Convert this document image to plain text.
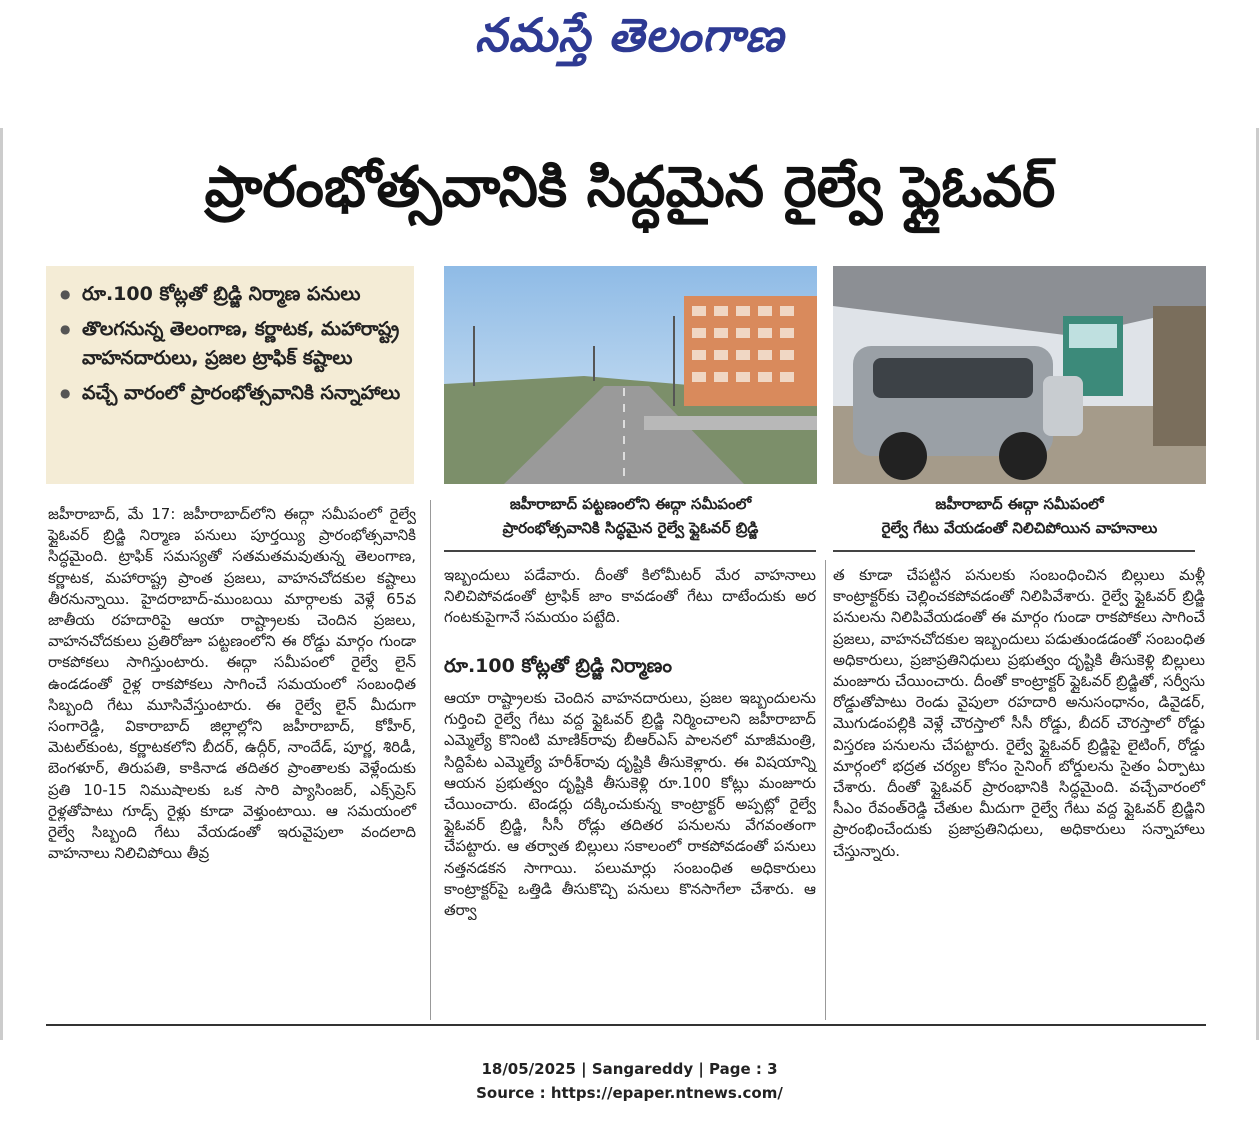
నమస్తే తెలంగాణ
ప్రారంభోత్సవానికి సిద్ధమైన రైల్వే ఫ్లైఓవర్
● రూ.100 కోట్లతో బ్రిడ్జి నిర్మాణ పనులు
● తొలగనున్న తెలంగాణ, కర్ణాటక, మహారాష్ట్ర వాహనదారులు, ప్రజల ట్రాఫిక్ కష్టాలు
● వచ్చే వారంలో ప్రారంభోత్సవానికి సన్నాహాలు
జహీరాబాద్ పట్టణంలోని ఈద్గా సమీపంలో
ప్రారంభోత్సవానికి సిద్ధమైన రైల్వే ఫ్లైఓవర్ బ్రిడ్జి
జహీరాబాద్ ఈద్గా సమీపంలో
రైల్వే గేటు వేయడంతో నిలిచిపోయిన వాహనాలు
జహీరాబాద్, మే 17: జహీరాబాద్‌లోని ఈద్గా సమీపంలో రైల్వే ఫ్లైఓవర్ బ్రిడ్జి నిర్మాణ పనులు పూర్తయ్యి ప్రారంభోత్సవానికి సిద్ధమైంది. ట్రాఫిక్ సమస్యతో సతమతమవుతున్న తెలంగాణ, కర్ణాటక, మహారాష్ట్ర ప్రాంత ప్రజలు, వాహనచోదకుల కష్టాలు తీరనున్నాయి. హైదరాబాద్-ముంబయి మార్గాలకు వెళ్లే 65వ జాతీయ రహదారిపై ఆయా రాష్ట్రాలకు చెందిన ప్రజలు, వాహనచోదకులు ప్రతిరోజూ పట్టణంలోని ఈ రోడ్డు మార్గం గుండా రాకపోకలు సాగిస్తుంటారు. ఈద్గా సమీపంలో రైల్వే లైన్ ఉండడంతో రైళ్ల రాకపోకలు సాగించే సమయంలో సంబంధిత సిబ్బంది గేటు మూసివేస్తుంటారు. ఈ రైల్వే లైన్ మీదుగా సంగారెడ్డి, వికారాబాద్ జిల్లాల్లోని జహీరాబాద్, కోహీర్, మెటల్‌కుంట, కర్ణాటకలోని బీదర్, ఉద్గీర్, నాందేడ్, పూర్ణ, శిరిడీ, బెంగళూర్, తిరుపతి, కాకినాడ తదితర ప్రాంతాలకు వెళ్లేందుకు ప్రతి 10-15 నిముషాలకు ఒక సారి ప్యాసింజర్, ఎక్స్‌ప్రెస్ రైళ్లతోపాటు గూడ్స్ రైళ్లు కూడా వెళ్తుంటాయి. ఆ సమయంలో రైల్వే సిబ్బంది గేటు వేయడంతో ఇరువైపులా వందలాది వాహనాలు నిలిచిపోయి తీవ్ర
ఇబ్బందులు పడేవారు. దీంతో కిలోమీటర్ మేర వాహనాలు నిలిచిపోవడంతో ట్రాఫిక్ జాం కావడంతో గేటు దాటేందుకు అర గంటకుపైగానే సమయం పట్టేది.
రూ.100 కోట్లతో బ్రిడ్జి నిర్మాణం
ఆయా రాష్ట్రాలకు చెందిన వాహనదారులు, ప్రజల ఇబ్బందులను గుర్తించి రైల్వే గేటు వద్ద ఫ్లైఓవర్ బ్రిడ్జి నిర్మించాలని జహీరాబాద్ ఎమ్మెల్యే కొనింటి మాణిక్‌రావు బీఆర్‌ఎస్ పాలనలో మాజీమంత్రి, సిద్దిపేట ఎమ్మెల్యే హరీశ్‌రావు దృష్టికి తీసుకెళ్లారు. ఈ విషయాన్ని ఆయన ప్రభుత్వం దృష్టికి తీసుకెళ్లి రూ.100 కోట్లు మంజూరు చేయించారు. టెండర్లు దక్కించుకున్న కాంట్రాక్టర్ అప్పట్లో రైల్వే ఫ్లైఓవర్ బ్రిడ్జి, సీసీ రోడ్లు తదితర పనులను వేగవంతంగా చేపట్టారు. ఆ తర్వాత బిల్లులు సకాలంలో రాకపోవడంతో పనులు నత్తనడకన సాగాయి. పలుమార్లు సంబంధిత అధికారులు కాంట్రాక్టర్‌పై ఒత్తిడి తీసుకొచ్చి పనులు కొనసాగేలా చేశారు. ఆ తర్వా
త కూడా చేపట్టిన పనులకు సంబంధించిన బిల్లులు మళ్లీ కాంట్రాక్టర్‌కు చెల్లించకపోవడంతో నిలిపివేశారు. రైల్వే ఫ్లైఓవర్ బ్రిడ్జి పనులను నిలిపివేయడంతో ఈ మార్గం గుండా రాకపోకలు సాగించే ప్రజలు, వాహనచోదకుల ఇబ్బందులు పడుతుండడంతో సంబంధిత అధికారులు, ప్రజాప్రతినిధులు ప్రభుత్వం దృష్టికి తీసుకెళ్లి బిల్లులు మంజూరు చేయించారు. దీంతో కాంట్రాక్టర్ ఫ్లైఓవర్ బ్రిడ్జితో, సర్వీసు రోడ్డుతోపాటు రెండు వైపులా రహదారి అనుసంధానం, డివైడర్, మొగుడంపల్లికి వెళ్లే చౌరస్తాలో సీసీ రోడ్డు, బీదర్ చౌరస్తాలో రోడ్డు విస్తరణ పనులను చేపట్టారు. రైల్వే ఫ్లైఓవర్ బ్రిడ్జిపై లైటింగ్, రోడ్డు మార్గంలో భద్రత చర్యల కోసం సైనింగ్ బోర్డులను సైతం ఏర్పాటు చేశారు. దీంతో ఫ్లైఓవర్ ప్రారంభానికి సిద్ధమైంది. వచ్చేవారంలో సీఎం రేవంత్‌రెడ్డి చేతుల మీదుగా రైల్వే గేటు వద్ద ఫ్లైఓవర్ బ్రిడ్జిని ప్రారంభించేందుకు ప్రజాప్రతినిధులు, అధికారులు సన్నాహాలు చేస్తున్నారు.
18/05/2025 | Sangareddy | Page : 3
Source : https://epaper.ntnews.com/
